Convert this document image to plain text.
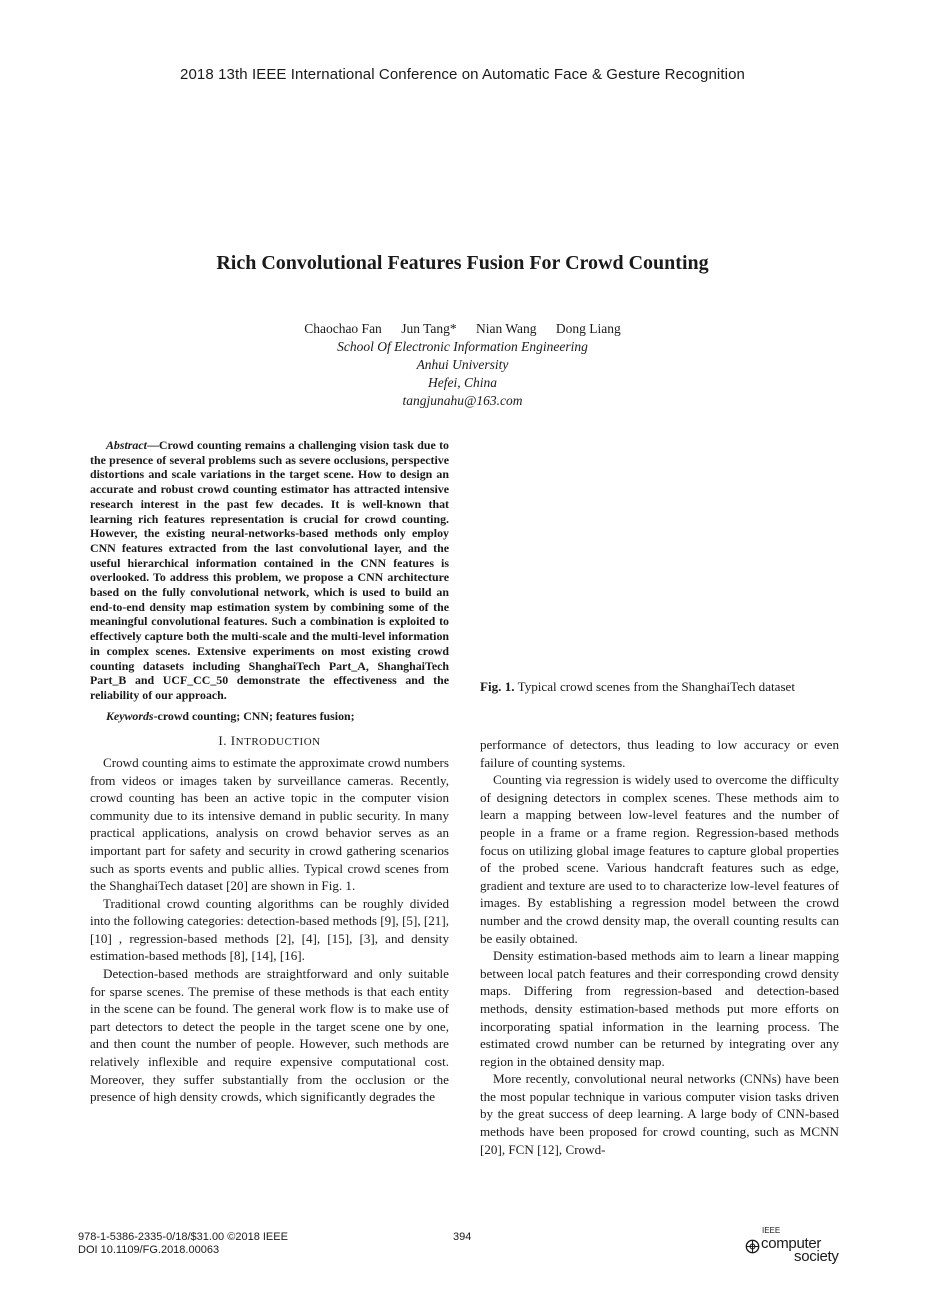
2018 13th IEEE International Conference on Automatic Face & Gesture Recognition
Rich Convolutional Features Fusion For Crowd Counting
Chaochao Fan Jun Tang* Nian Wang Dong Liang
School Of Electronic Information Engineering
Anhui University
Hefei, China
tangjunahu@163.com

Abstract—Crowd counting remains a challenging vision task due to the presence of several problems such as severe occlusions, perspective distortions and scale variations in the target scene. How to design an accurate and robust crowd counting estimator has attracted intensive research interest in the past few decades. It is well-known that learning rich features representation is crucial for crowd counting. However, the existing neural-networks-based methods only employ CNN features extracted from the last convolutional layer, and the useful hierarchical information contained in the CNN features is overlooked. To address this problem, we propose a CNN architecture based on the fully convolutional network, which is used to build an end-to-end density map estimation system by combining some of the meaningful convolutional features. Such a combination is exploited to effectively capture both the multi-scale and the multi-level information in complex scenes. Extensive experiments on most existing crowd counting datasets including ShanghaiTech Part_A, ShanghaiTech Part_B and UCF_CC_50 demonstrate the effectiveness and the reliability of our approach.

Keywords-crowd counting; CNN; features fusion;

I. INTRODUCTION

Crowd counting aims to estimate the approximate crowd numbers from videos or images taken by surveillance cameras. Recently, crowd counting has been an active topic in the computer vision community due to its intensive demand in public security. In many practical applications, analysis on crowd behavior serves as an important part for safety and security in crowd gathering scenarios such as sports events and public allies. Typical crowd scenes from the ShanghaiTech dataset [20] are shown in Fig. 1.

Traditional crowd counting algorithms can be roughly divided into the following categories: detection-based methods [9], [5], [21], [10] , regression-based methods [2], [4], [15], [3], and density estimation-based methods [8], [14], [16].

Detection-based methods are straightforward and only suitable for sparse scenes. The premise of these methods is that each entity in the scene can be found. The general work flow is to make use of part detectors to detect the people in the target scene one by one, and then count the number of people. However, such methods are relatively inflexible and require expensive computational cost. Moreover, they suffer substantially from the occlusion or the presence of high density crowds, which significantly degrades the

Fig. 1. Typical crowd scenes from the ShanghaiTech dataset

performance of detectors, thus leading to low accuracy or even failure of counting systems.

Counting via regression is widely used to overcome the difficulty of designing detectors in complex scenes. These methods aim to learn a mapping between low-level features and the number of people in a frame or a frame region. Regression-based methods focus on utilizing global image features to capture global properties of the probed scene. Various handcraft features such as edge, gradient and texture are used to to characterize low-level features of images. By establishing a regression model between the crowd number and the crowd density map, the overall counting results can be easily obtained.

Density estimation-based methods aim to learn a linear mapping between local patch features and their corresponding crowd density maps. Differing from regression-based and detection-based methods, density estimation-based methods put more efforts on incorporating spatial information in the learning process. The estimated crowd number can be returned by integrating over any region in the obtained density map.

More recently, convolutional neural networks (CNNs) have been the most popular technique in various computer vision tasks driven by the great success of deep learning. A large body of CNN-based methods have been proposed for crowd counting, such as MCNN [20], FCN [12], Crowd-

978-1-5386-2335-0/18/$31.00 ©2018 IEEE
DOI 10.1109/FG.2018.00063
394
IEEE
computer
society
